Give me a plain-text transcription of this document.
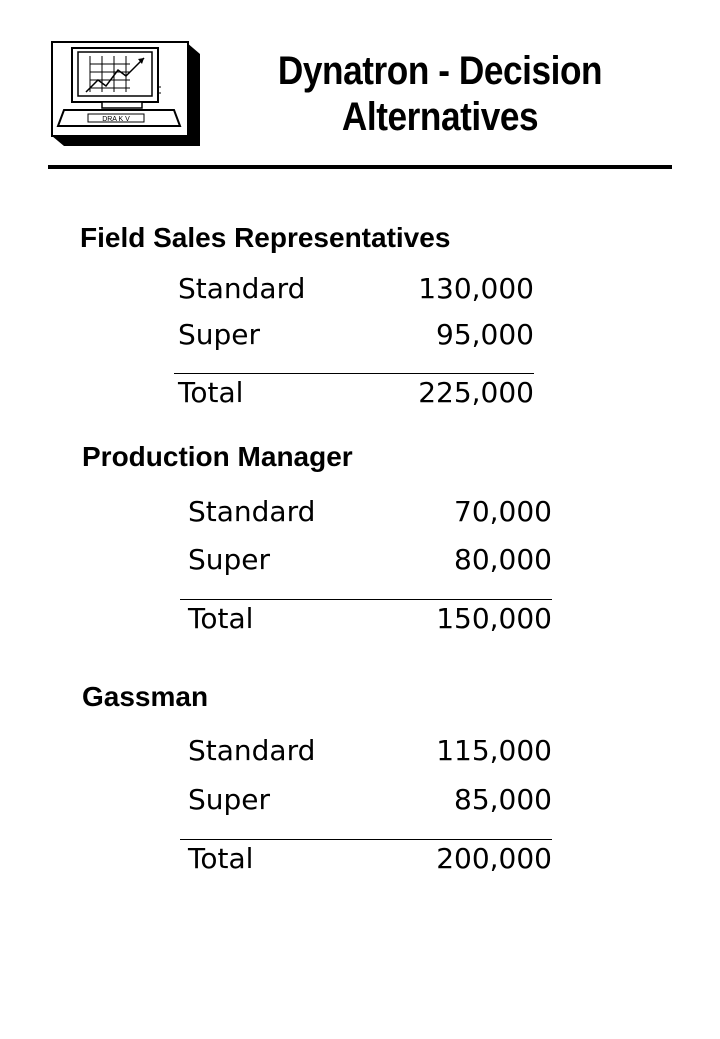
DRA K V
Dynatron - Decision
Alternatives
Field Sales Representatives
Standard	130,000
Super	95,000
Total	225,000
Production Manager
Standard	70,000
Super	80,000
Total	150,000
Gassman
Standard	115,000
Super	85,000
Total	200,000
